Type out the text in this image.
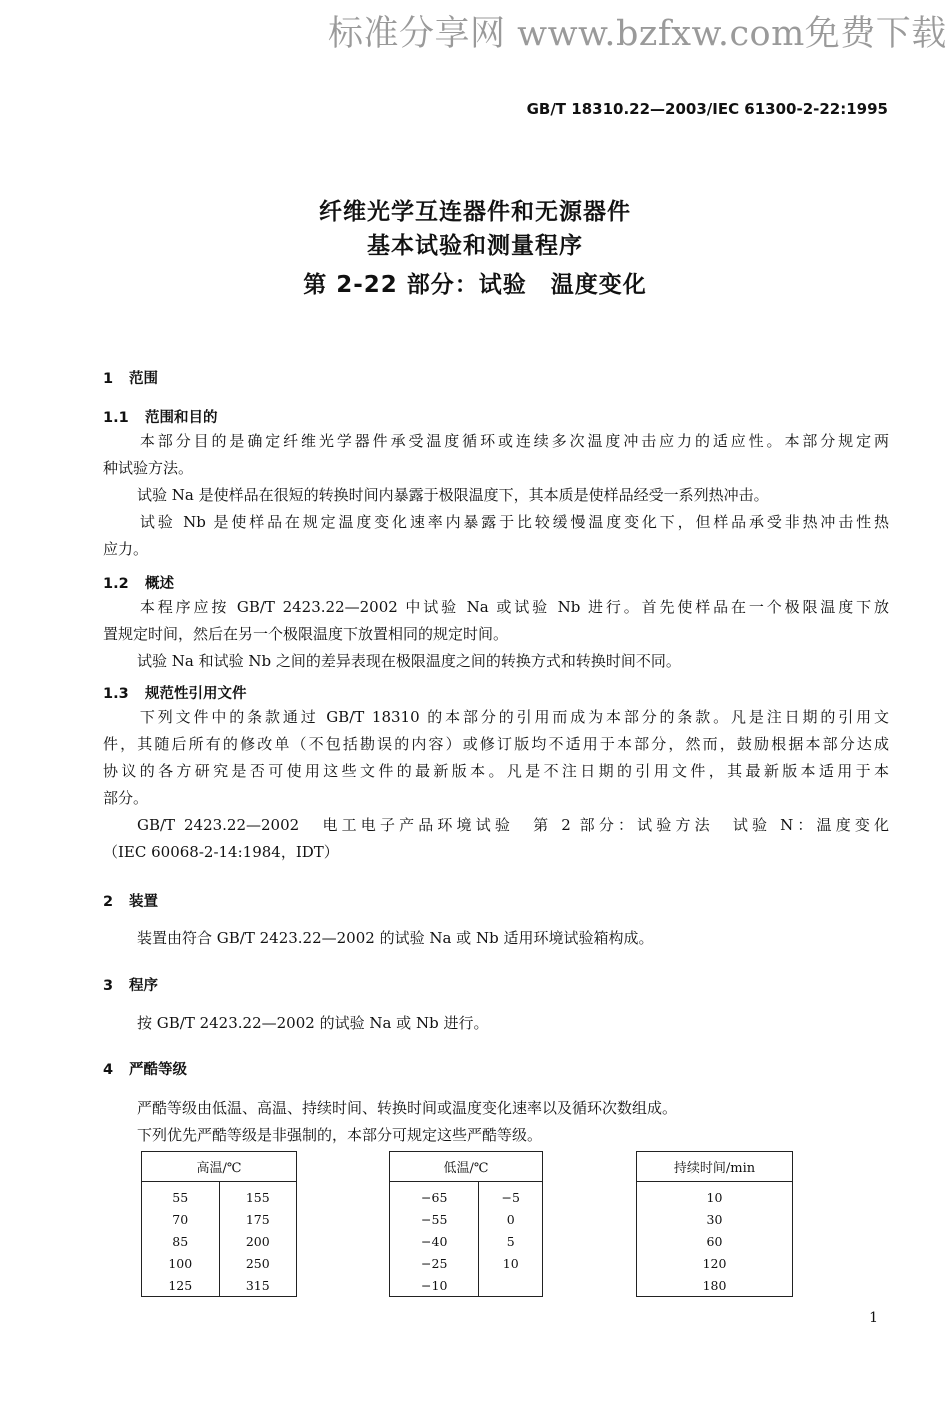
标准分享网 www.bzfxw.com免费下载
GB/T 18310.22—2003/IEC 61300-2-22:1995
纤维光学互连器件和无源器件
基本试验和测量程序
第 2-22 部分：试验　温度变化
1 范围
1.1 范围和目的
本部分目的是确定纤维光学器件承受温度循环或连续多次温度冲击应力的适应性。本部分规定两
种试验方法。
试验 Na 是使样品在很短的转换时间内暴露于极限温度下，其本质是使样品经受一系列热冲击。
试验 Nb 是使样品在规定温度变化速率内暴露于比较缓慢温度变化下，但样品承受非热冲击性热
应力。
1.2 概述
本程序应按 GB/T 2423.22—2002 中试验 Na 或试验 Nb 进行。首先使样品在一个极限温度下放
置规定时间，然后在另一个极限温度下放置相同的规定时间。
试验 Na 和试验 Nb 之间的差异表现在极限温度之间的转换方式和转换时间不同。
1.3 规范性引用文件
下列文件中的条款通过 GB/T 18310 的本部分的引用而成为本部分的条款。凡是注日期的引用文
件，其随后所有的修改单（不包括勘误的内容）或修订版均不适用于本部分，然而，鼓励根据本部分达成
协议的各方研究是否可使用这些文件的最新版本。凡是不注日期的引用文件，其最新版本适用于本
部分。
GB/T 2423.22—2002　电工电子产品环境试验　第 2 部分：试验方法　试验 N：温度变化
（IEC 60068-2-14:1984，IDT）
2 装置
装置由符合 GB/T 2423.22—2002 的试验 Na 或 Nb 适用环境试验箱构成。
3 程序
按 GB/T 2423.22—2002 的试验 Na 或 Nb 进行。
4 严酷等级
严酷等级由低温、高温、持续时间、转换时间或温度变化速率以及循环次数组成。
下列优先严酷等级是非强制的，本部分可规定这些严酷等级。
高温/℃	
55	155
70	175
85	200
100	250
125	315
低温/℃	
−65	−5
−55	0
−40	5
−25	10
−10	
持续时间/min
10
30
60
120
180
1
